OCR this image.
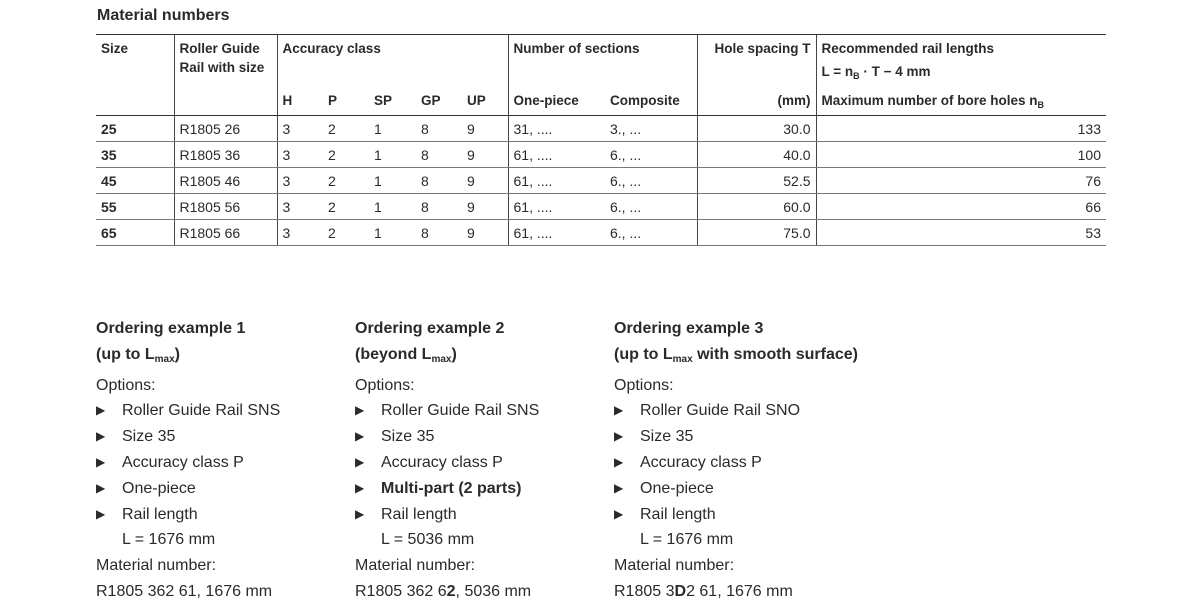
Material numbers
Size	Roller Guide Rail with size	Accuracy class					Number of sections		Hole spacing T	Recommended rail lengths
$L = n_B \cdot T - 4$ mm

		H	P	SP	GP	UP	One-piece	Composite	(mm)	Maximum number of bore holes $n_B$
25	R1805 26	3	2	1	8	9	31, ....	3., ...	30.0	133
35	R1805 36	3	2	1	8	9	61, ....	6., ...	40.0	100
45	R1805 46	3	2	1	8	9	61, ....	6., ...	52.5	76
55	R1805 56	3	2	1	8	9	61, ....	6., ...	60.0	66
65	R1805 66	3	2	1	8	9	61, ....	6., ...	75.0	53
Ordering example 1
(up to Lmax)
Options:
▶	Roller Guide Rail SNS
▶	Size 35
▶	Accuracy class P
▶	One-piece
▶	Rail length
L = 1676 mm
Material number:
R1805 362 61, 1676 mm
Ordering example 2
(beyond Lmax)
Options:
▶	Roller Guide Rail SNS
▶	Size 35
▶	Accuracy class P
▶	Multi-part (2 parts)
▶	Rail length
L = 5036 mm
Material number:
R1805 362 62, 5036 mm
Ordering example 3
(up to Lmax with smooth surface)
Options:
▶	Roller Guide Rail SNO
▶	Size 35
▶	Accuracy class P
▶	One-piece
▶	Rail length
L = 1676 mm
Material number:
R1805 3D2 61, 1676 mm
